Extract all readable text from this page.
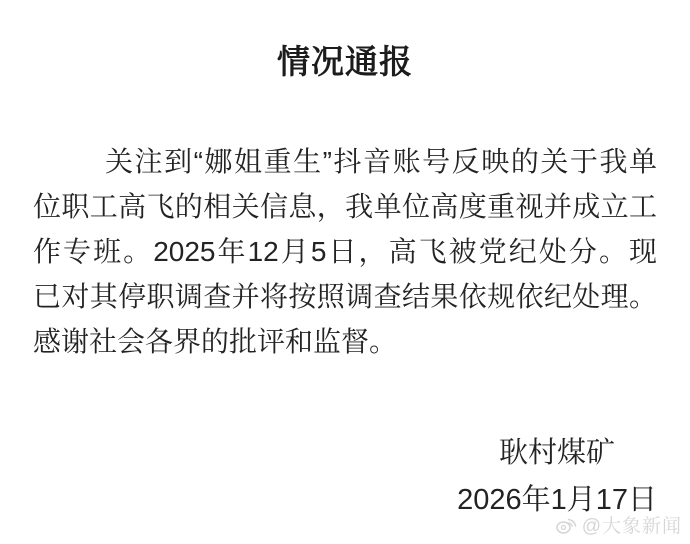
情况通报
关注到“娜姐重生”抖音账号反映的关于我单
位职工高飞的相关信息，我单位高度重视并成立工
作专班。2025年12月5日，高飞被党纪处分。现
已对其停职调查并将按照调查结果依规依纪处理。
感谢社会各界的批评和监督。
耿村煤矿
2026年1月17日
@大象新闻
